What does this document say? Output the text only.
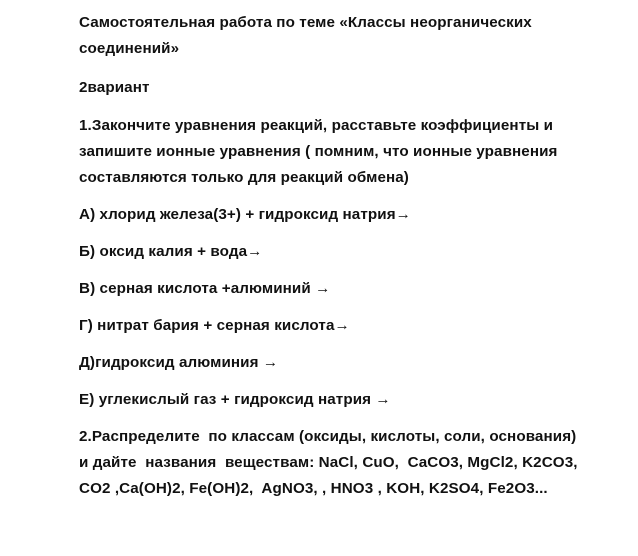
Самостоятельная работа по теме «Классы неорганических
соединений»
2вариант
1.Закончите уравнения реакций, расставьте коэффициенты и
запишите ионные уравнения ( помним, что ионные уравнения
составляются только для реакций обмена)
А) хлорид железа(3+) + гидроксид натрия→
Б) оксид калия + вода→
В) серная кислота +алюминий →
Г) нитрат бария + серная кислота→
Д)гидроксид алюминия →
Е) углекислый газ + гидроксид натрия →
2.Распределите  по классам (оксиды, кислоты, соли, основания)
и дайте  названия  веществам: NaCl, CuO,  CaCO3, MgCl2, K2CO3,
CO2 ,Ca(OH)2, Fe(OH)2,  AgNO3, , HNO3 , KOH, K2SO4, Fe2O3...
